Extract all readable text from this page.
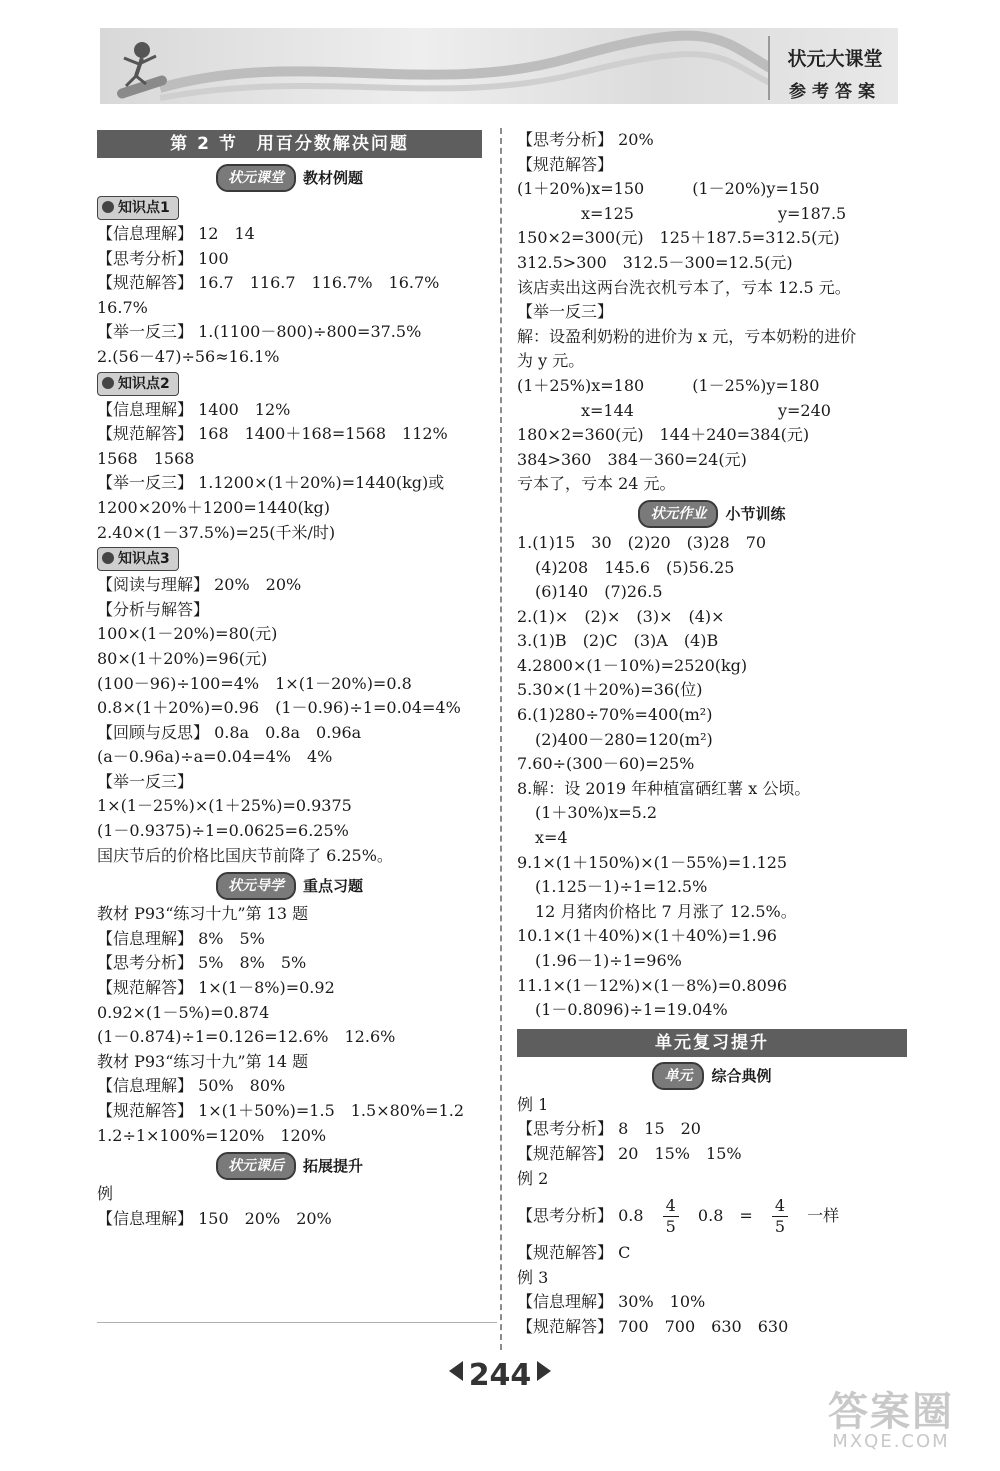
状元大课堂
参考答案
第 2 节　用百分数解决问题
状元课堂 教材例题
知识点1
【信息理解】 12　14
【思考分析】 100
【规范解答】 16.7　116.7　116.7%　16.7%
16.7%
【举一反三】 1.(1100－800)÷800=37.5%
2.(56－47)÷56≈16.1%
知识点2
【信息理解】 1400　12%
【规范解答】 168　1400＋168=1568　112%
1568　1568
【举一反三】 1.1200×(1＋20%)=1440(kg)或
1200×20%＋1200=1440(kg)
2.40×(1－37.5%)=25(千米/时)
知识点3
【阅读与理解】 20%　20%
【分析与解答】
100×(1－20%)=80(元)
80×(1＋20%)=96(元)
(100－96)÷100=4%　1×(1－20%)=0.8
0.8×(1＋20%)=0.96　(1－0.96)÷1=0.04=4%
【回顾与反思】 0.8a　0.8a　0.96a
(a－0.96a)÷a=0.04=4%　4%
【举一反三】
1×(1－25%)×(1＋25%)=0.9375
(1－0.9375)÷1=0.0625=6.25%
国庆节后的价格比国庆节前降了 6.25%。
状元导学 重点习题
教材 P93“练习十九”第 13 题
【信息理解】 8%　5%
【思考分析】 5%　8%　5%
【规范解答】 1×(1－8%)=0.92
0.92×(1－5%)=0.874
(1－0.874)÷1=0.126=12.6%　12.6%
教材 P93“练习十九”第 14 题
【信息理解】 50%　80%
【规范解答】 1×(1＋50%)=1.5　1.5×80%=1.2
1.2÷1×100%=120%　120%
状元课后 拓展提升
例
【信息理解】 150　20%　20%
【思考分析】 20%
【规范解答】
(1＋20%)x=150　　　(1－20%)y=150
　　　　x=125　　　　　　　　　y=187.5
150×2=300(元)　125＋187.5=312.5(元)
312.5>300　312.5－300=12.5(元)
该店卖出这两台洗衣机亏本了，亏本 12.5 元。
【举一反三】
解：设盈利奶粉的进价为 x 元，亏本奶粉的进价
为 y 元。
(1＋25%)x=180　　　(1－25%)y=180
　　　　x=144　　　　　　　　　y=240
180×2=360(元)　144＋240=384(元)
384>360　384－360=24(元)
亏本了，亏本 24 元。
状元作业 小节训练
1.(1)15　30　(2)20　(3)28　70
(4)208　145.6　(5)56.25
(6)140　(7)26.5
2.(1)×　(2)×　(3)×　(4)×
3.(1)B　(2)C　(3)A　(4)B
4.2800×(1－10%)=2520(kg)
5.30×(1＋20%)=36(位)
6.(1)280÷70%=400(m²)
(2)400－280=120(m²)
7.60÷(300－60)=25%
8.解：设 2019 年种植富硒红薯 x 公顷。
(1＋30%)x=5.2
x=4
9.1×(1＋150%)×(1－55%)=1.125
(1.125－1)÷1=12.5%
12 月猪肉价格比 7 月涨了 12.5%。
10.1×(1＋40%)×(1＋40%)=1.96
(1.96－1)÷1=96%
11.1×(1－12%)×(1－8%)=0.8096
(1－0.8096)÷1=19.04%
单元复习提升
单元 综合典例
例 1
【思考分析】 8　15　20
【规范解答】 20　15%　15%
例 2
【思考分析】 $0.8 \frac{4}{5} 0.8$　= $\frac{4}{5}$ 一样
【规范解答】 C
例 3
【信息理解】 30%　10%
【规范解答】 700　700　630　630
244
答案圈
MXQE.COM
